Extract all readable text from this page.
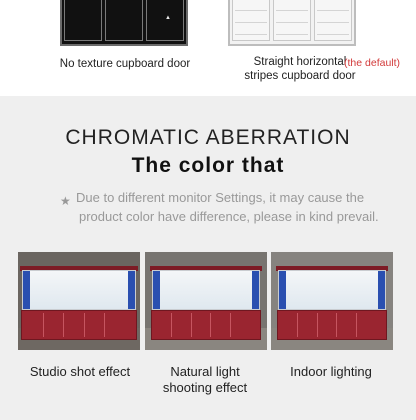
▲
No texture cupboard door	Straight horizontal
stripes cupboard door
(the default)
CHROMATIC ABERRATION
The color that
★ Due to different monitor Settings, it may cause the
product color have difference, please in kind prevail.
Studio shot effect	Natural light
shooting effect
Indoor lighting
